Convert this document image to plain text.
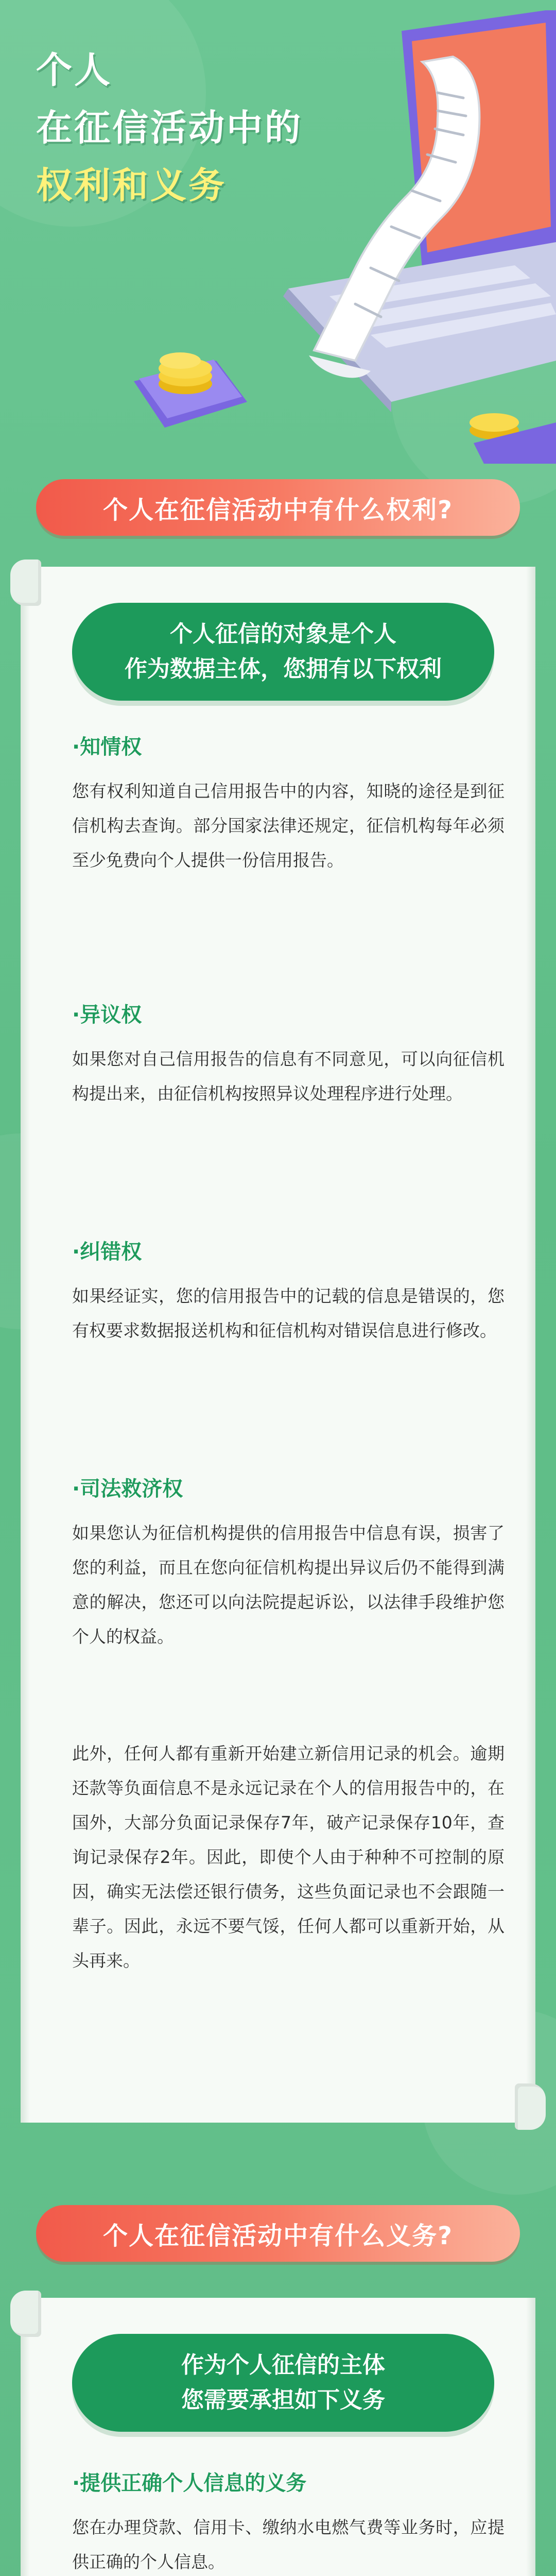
个人
在征信活动中的
权利和义务
个人在征信活动中有什么权利?
个人征信的对象是个人
作为数据主体，您拥有以下权利
·知情权

您有权利知道自己信用报告中的内容，知晓的途径是到征信机构去查询。部分国家法律还规定，征信机构每年必须至少免费向个人提供一份信用报告。

·异议权

如果您对自己信用报告的信息有不同意见，可以向征信机构提出来，由征信机构按照异议处理程序进行处理。

·纠错权

如果经证实，您的信用报告中的记载的信息是错误的，您有权要求数据报送机构和征信机构对错误信息进行修改。

·司法救济权

如果您认为征信机构提供的信用报告中信息有误，损害了您的利益，而且在您向征信机构提出异议后仍不能得到满意的解决，您还可以向法院提起诉讼，以法律手段维护您个人的权益。

此外，任何人都有重新开始建立新信用记录的机会。逾期还款等负面信息不是永远记录在个人的信用报告中的，在国外，大部分负面记录保存7年，破产记录保存10年，查询记录保存2年。因此，即使个人由于种种不可控制的原因，确实无法偿还银行债务，这些负面记录也不会跟随一辈子。因此，永远不要气馁，任何人都可以重新开始，从头再来。

个人在征信活动中有什么义务?
作为个人征信的主体
您需要承担如下义务
·提供正确个人信息的义务

您在办理贷款、信用卡、缴纳水电燃气费等业务时，应提供正确的个人信息。
